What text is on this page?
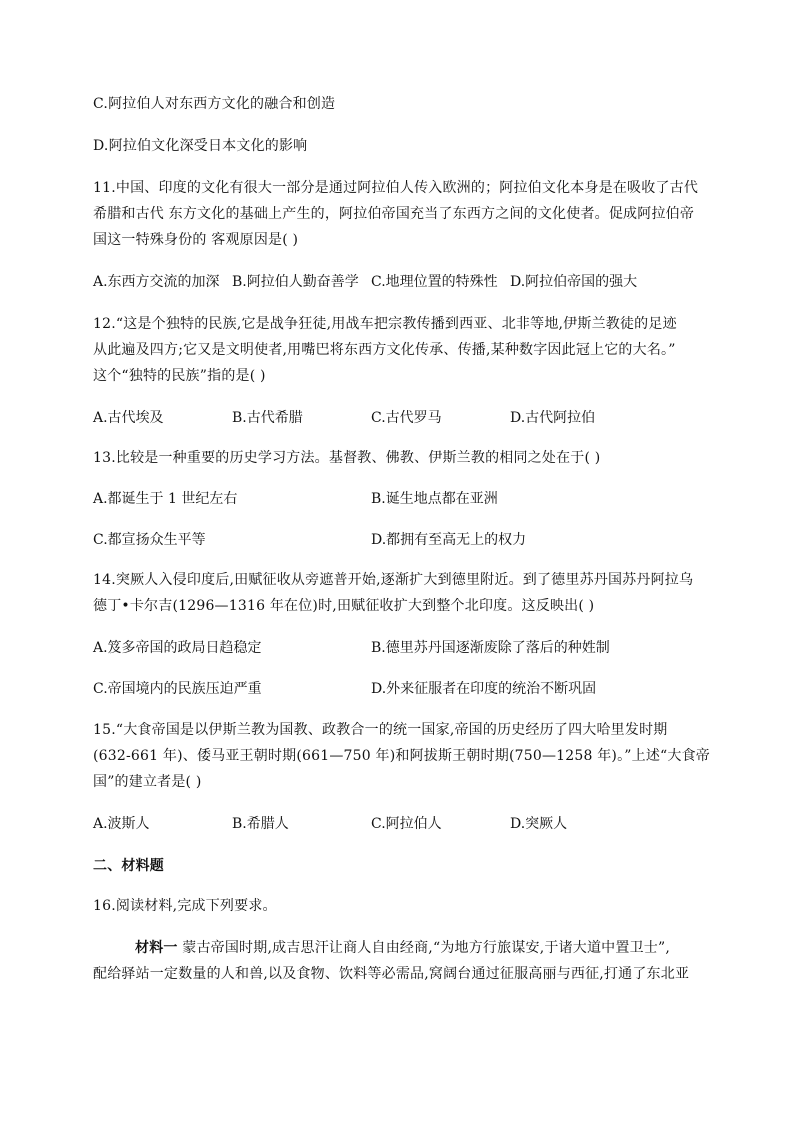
C.阿拉伯人对东西方文化的融合和创造
D.阿拉伯文化深受日本文化的影响
11.中国、印度的文化有很大一部分是通过阿拉伯人传入欧洲的；阿拉伯文化本身是在吸收了古代
希腊和古代 东方文化的基础上产生的，阿拉伯帝国充当了东西方之间的文化使者。促成阿拉伯帝
国这一特殊身份的 客观原因是( )
A.东西方交流的加深 B.阿拉伯人勤奋善学 C.地理位置的特殊性 D.阿拉伯帝国的强大
12.“这是个独特的民族,它是战争狂徒,用战车把宗教传播到西亚、北非等地,伊斯兰教徒的足迹
从此遍及四方;它又是文明使者,用嘴巴将东西方文化传承、传播,某种数字因此冠上它的大名。”
这个“独特的民族”指的是( )
A.古代埃及	B.古代希腊	C.古代罗马	D.古代阿拉伯
13.比较是一种重要的历史学习方法。基督教、佛教、伊斯兰教的相同之处在于( )
A.都诞生于 1 世纪左右	B.诞生地点都在亚洲
C.都宣扬众生平等	D.都拥有至高无上的权力
14.突厥人入侵印度后,田赋征收从旁遮普开始,逐渐扩大到德里附近。到了德里苏丹国苏丹阿拉乌
德丁•卡尔吉(1296—1316 年在位)时,田赋征收扩大到整个北印度。这反映出( )
A.笈多帝国的政局日趋稳定	B.德里苏丹国逐渐废除了落后的种姓制
C.帝国境内的民族压迫严重	D.外来征服者在印度的统治不断巩固
15.“大食帝国是以伊斯兰教为国教、政教合一的统一国家,帝国的历史经历了四大哈里发时期
(632-661 年)、倭马亚王朝时期(661—750 年)和阿拔斯王朝时期(750—1258 年)。”上述“大食帝
国”的建立者是( )
A.波斯人	B.希腊人	C.阿拉伯人	D.突厥人
二、材料题
16.阅读材料,完成下列要求。
材料一 蒙古帝国时期,成吉思汗让商人自由经商,“为地方行旅谋安,于诸大道中置卫士”,
配给驿站一定数量的人和兽,以及食物、饮料等必需品,窝阔台通过征服高丽与西征,打通了东北亚
